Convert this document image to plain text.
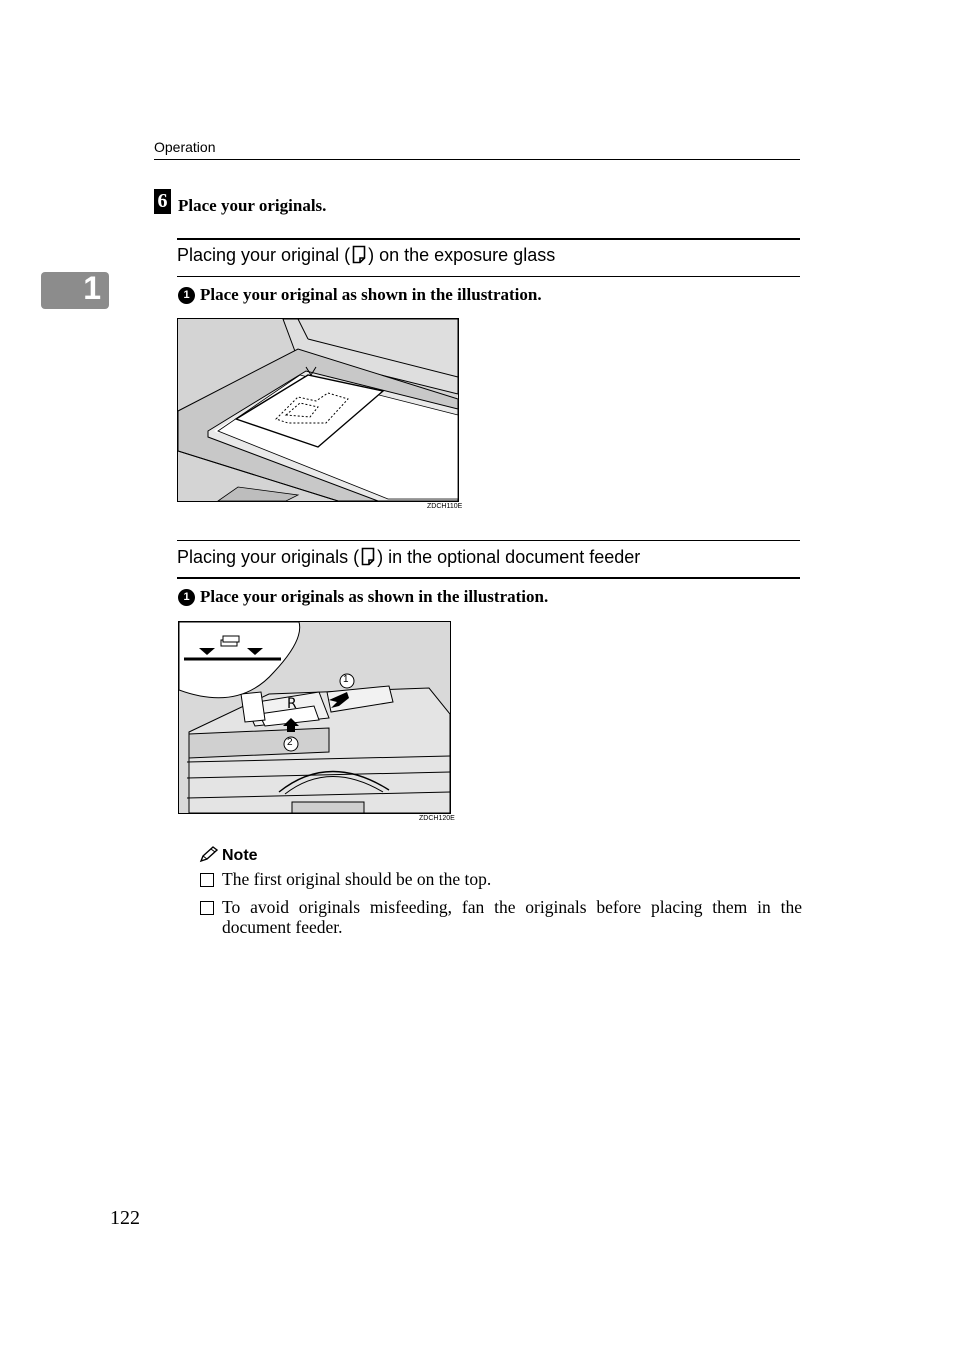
Operation
1
6 Place your originals.
Placing your original ( ) on the exposure glass
1 Place your original as shown in the illustration.
ZDCH110E
Placing your originals ( ) in the optional document feeder
1 Place your originals as shown in the illustration.
R
1
2
ZDCH120E
Note
The first original should be on the top.
To avoid originals misfeeding, fan the originals before placing them in the document feeder.
122
